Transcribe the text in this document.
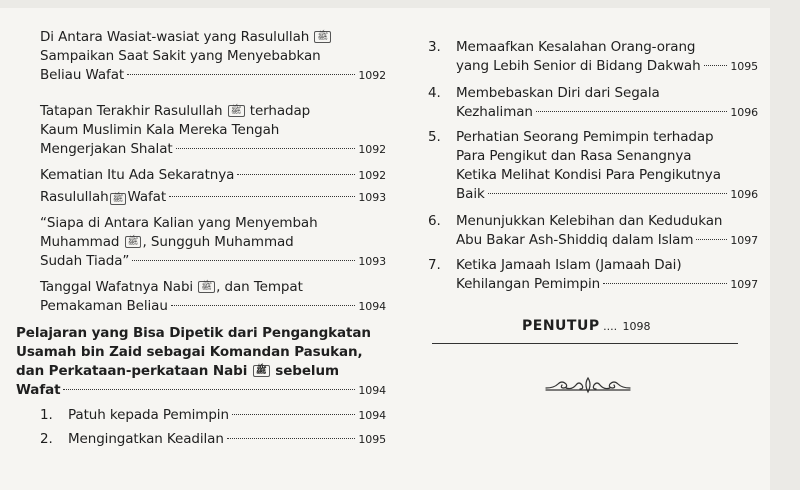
Di Antara Wasiat-wasiat yang Rasulullah ﷺ
Sampaikan Saat Sakit yang Menyebabkan
Beliau Wafat	1092
Tatapan Terakhir Rasulullah ﷺ terhadap
Kaum Muslimin Kala Mereka Tengah
Mengerjakan Shalat	1092
Kematian Itu Ada Sekaratnya	1092
Rasulullah ﷺ Wafat	1093
“Siapa di Antara Kalian yang Menyembah
Muhammad ﷺ , Sungguh Muhammad
Sudah Tiada”	1093
Tanggal Wafatnya Nabi ﷺ , dan Tempat
Pemakaman Beliau	1094
Pelajaran yang Bisa Dipetik dari Pengangkatan
Usamah bin Zaid sebagai Komandan Pasukan,
dan Perkataan-perkataan Nabi ﷺ sebelum
Wafat	1094
1.	Patuh kepada Pemimpin	1094
2.	Mengingatkan Keadilan	1095
3. Memaafkan Kesalahan Orang-orang
yang Lebih Senior di Bidang Dakwah	1095
4. Membebaskan Diri dari Segala
Kezhaliman	1096
5. Perhatian Seorang Pemimpin terhadap
Para Pengikut dan Rasa Senangnya
Ketika Melihat Kondisi Para Pengikutnya
Baik	1096
6. Menunjukkan Kelebihan dan Kedudukan
Abu Bakar Ash-Shiddiq dalam Islam	1097
7. Ketika Jamaah Islam (Jamaah Dai)
Kehilangan Pemimpin	1097
PENUTUP .... 1098
